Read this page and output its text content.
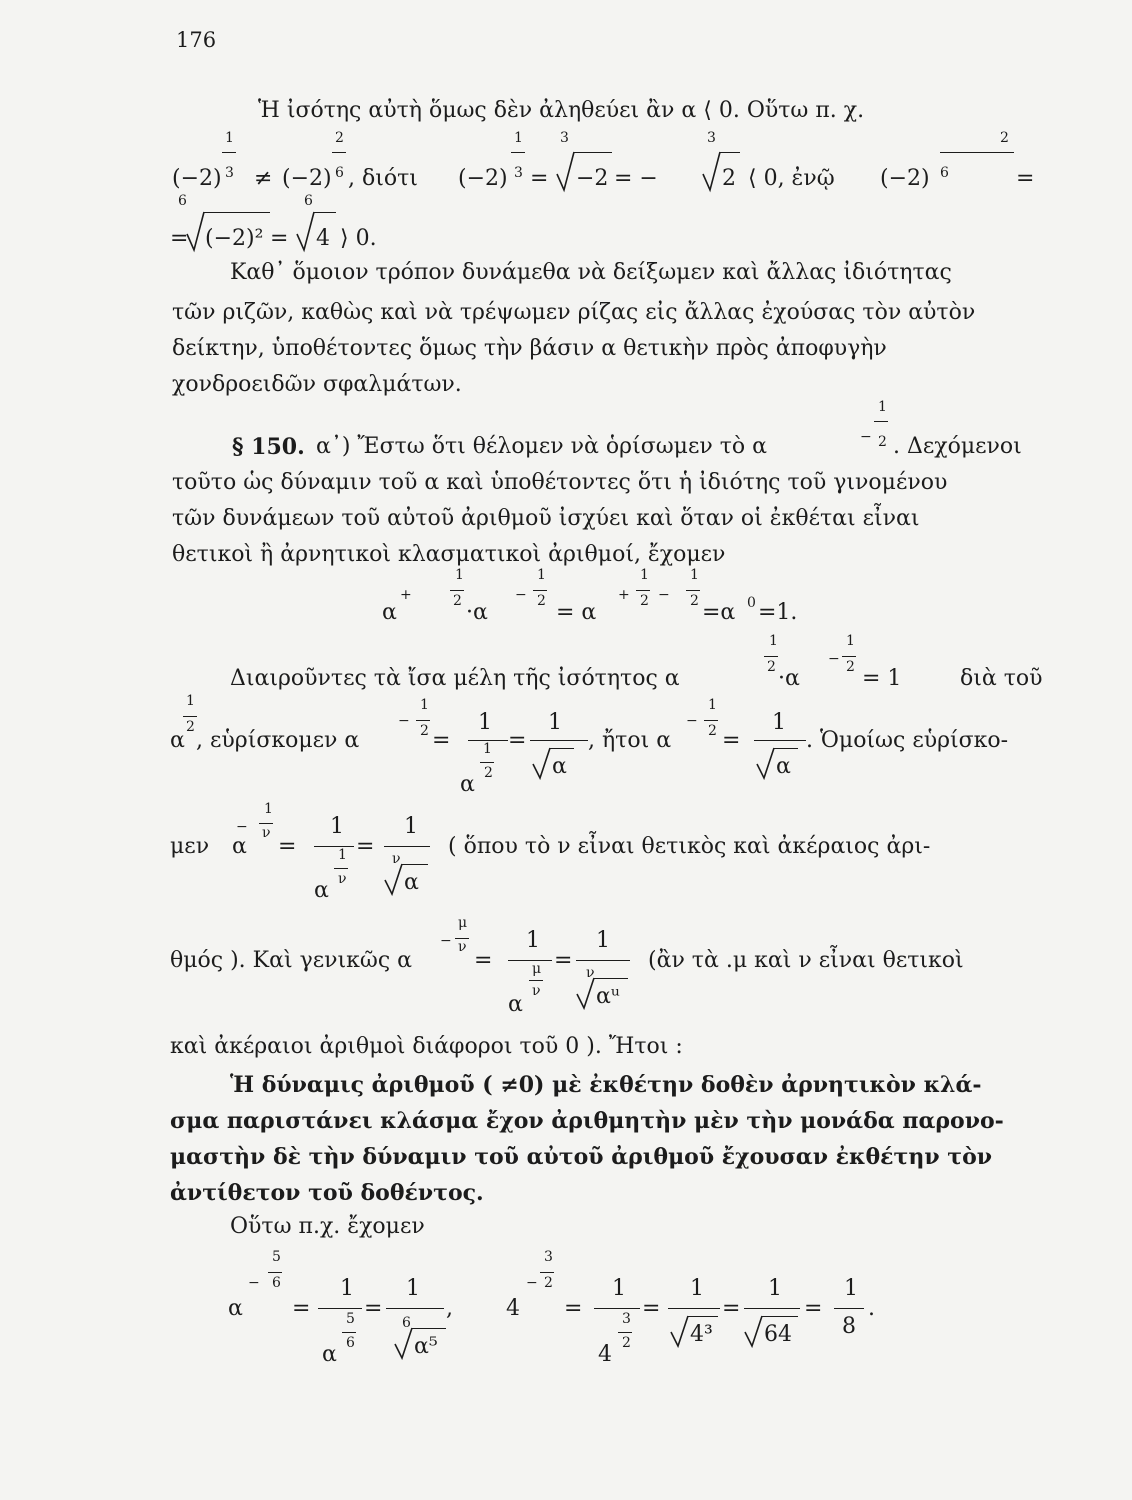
176
Ἡ ἰσότης αὐτὴ ὅμως δὲν ἀληθεύει ἂν α ⟨ 0. Οὕτω π. χ.
(−2)
1
3 ≠ (−2)
2
6 , διότι (−2)
1
3 =
3
−2 = −
3
2 ⟨ 0, ἐνῷ (−2)
2
6	=
6
= (−2)² =
6
4 ⟩ 0.
Καθ᾽ ὅμοιον τρόπον δυνάμεθα νὰ δείξωμεν καὶ ἄλλας ἰδιότητας
τῶν ριζῶν, καθὼς καὶ νὰ τρέψωμεν ρίζας εἰς ἄλλας ἐχούσας τὸν αὐτὸν
δείκτην, ὑποθέτοντες ὅμως τὴν βάσιν α θετικὴν πρὸς ἀποφυγὴν
χονδροειδῶν σφαλμάτων.
§ 150. α᾽) Ἔστω ὅτι θέλομεν νὰ ὁρίσωμεν τὸ α	−
1
2 . Δεχόμενοι
τοῦτο ὡς δύναμιν τοῦ α καὶ ὑποθέτοντες ὅτι ἡ ἰδιότης τοῦ γινομένου
τῶν δυνάμεων τοῦ αὐτοῦ ἀριθμοῦ ἰσχύει καὶ ὅταν οἱ ἐκθέται εἶναι
θετικοὶ ἢ ἀρνητικοὶ κλασματικοὶ ἀριθμοί, ἔχομεν
α
+
1
2 ·α
−
1
2 = α
+
1
2 −
1
2 =α 0 =1.
Διαιροῦντες τὰ ἴσα μέλη τῆς ἰσότητος α
1
2 ·α
−
1
2 = 1	διὰ τοῦ
1
2
α , εὑρίσκομεν α
−
1
2 =
1
1
2
α
=
1
α
, ἤτοι α
−
1
2 =
1
α
. Ὁμοίως εὑρίσκο-
μεν α
−
1
ν
=
1
1
ν
α
=
1
ν
α
( ὅπου τὸ ν εἶναι θετικὸς καὶ ἀκέραιος ἀρι-
θμός ). Καὶ γενικῶς α
−
μ
ν
=
1
μ
ν
α
=
1
ν
αᵘ
(ἂν τὰ .μ καὶ ν εἶναι θετικοὶ
καὶ ἀκέραιοι ἀριθμοὶ διάφοροι τοῦ 0 ). Ἤτοι :
Ἡ δύναμις ἀριθμοῦ ( ≠0) μὲ ἐκθέτην δοθὲν ἀρνητικὸν κλά-
σμα παριστάνει κλάσμα ἔχον ἀριθμητὴν μὲν τὴν μονάδα παρονο-
μαστὴν δὲ τὴν δύναμιν τοῦ αὐτοῦ ἀριθμοῦ ἔχουσαν ἐκθέτην τὸν
ἀντίθετον τοῦ δοθέντος.
Οὕτω π.χ. ἔχομεν
α
−
5
6
=
1
5
6
α
=
1
6
α⁵
, 4
−
3
2
=
1
3
2
4
=
1
4³
=
1
64
=
1
8
.
